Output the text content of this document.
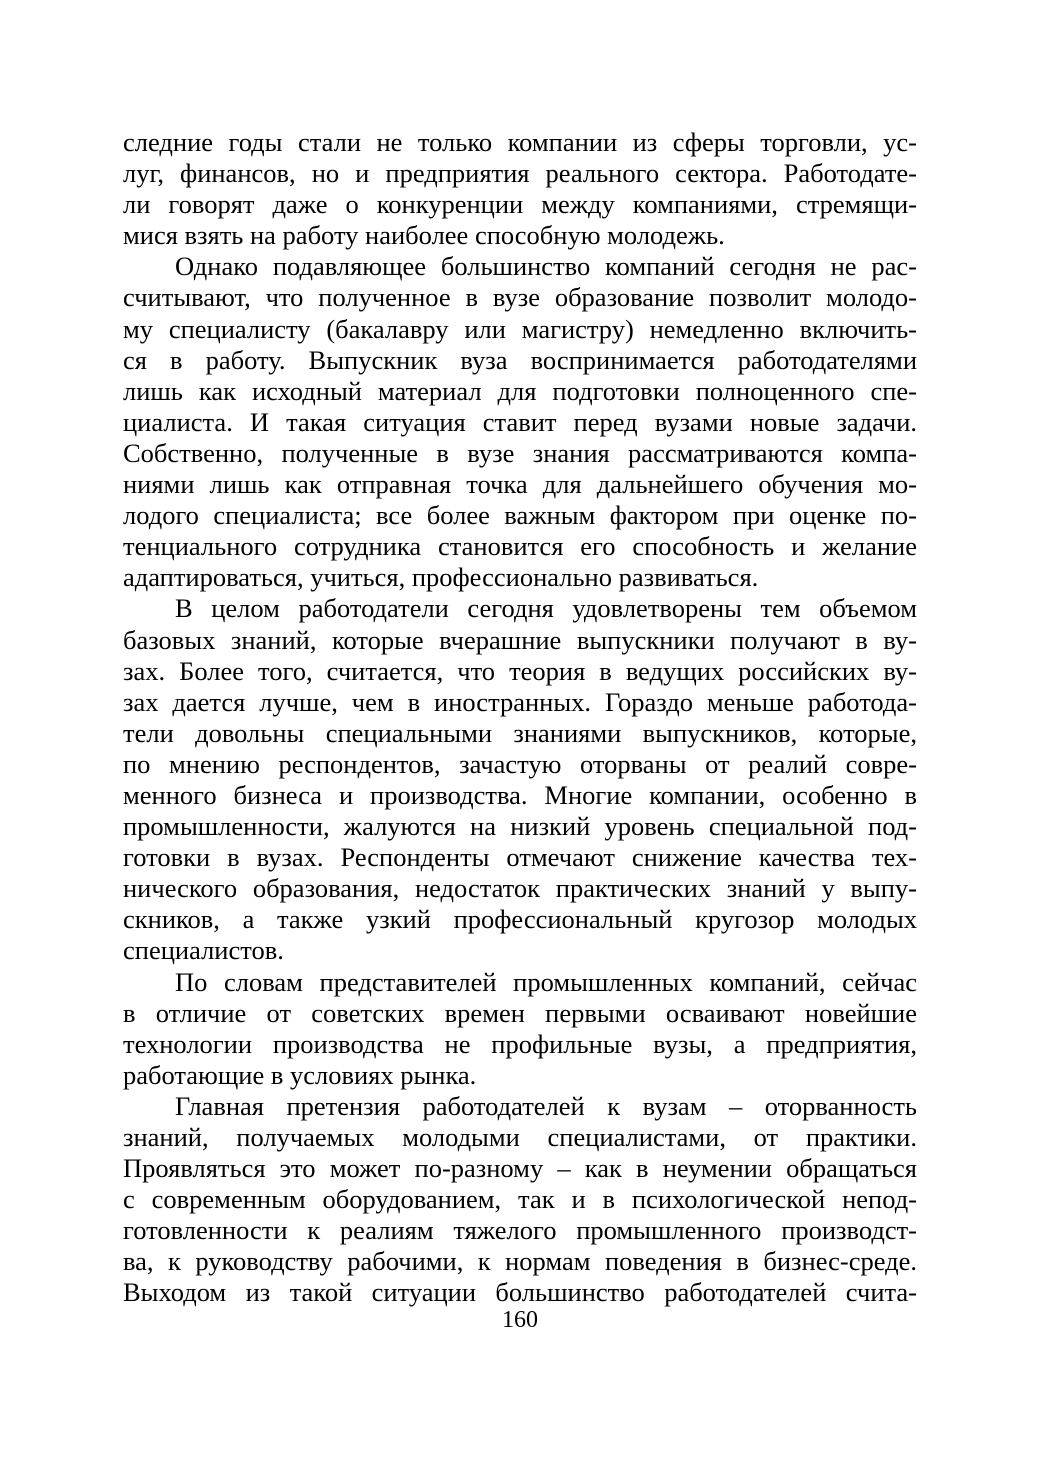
следние годы стали не только компании из сферы торговли, ус-
луг, финансов, но и предприятия реального сектора. Работодате-
ли говорят даже о конкуренции между компаниями, стремящи-
мися взять на работу наиболее способную молодежь.
Однако подавляющее большинство компаний сегодня не рас-
считывают, что полученное в вузе образование позволит молодо-
му специалисту (бакалавру или магистру) немедленно включить-
ся в работу. Выпускник вуза воспринимается работодателями
лишь как исходный материал для подготовки полноценного спе-
циалиста. И такая ситуация ставит перед вузами новые задачи.
Собственно, полученные в вузе знания рассматриваются компа-
ниями лишь как отправная точка для дальнейшего обучения мо-
лодого специалиста; все более важным фактором при оценке по-
тенциального сотрудника становится его способность и желание
адаптироваться, учиться, профессионально развиваться.
В целом работодатели сегодня удовлетворены тем объемом
базовых знаний, которые вчерашние выпускники получают в ву-
зах. Более того, считается, что теория в ведущих российских ву-
зах дается лучше, чем в иностранных. Гораздо меньше работода-
тели довольны специальными знаниями выпускников, которые,
по мнению респондентов, зачастую оторваны от реалий совре-
менного бизнеса и производства. Многие компании, особенно в
промышленности, жалуются на низкий уровень специальной под-
готовки в вузах. Респонденты отмечают снижение качества тех-
нического образования, недостаток практических знаний у выпу-
скников, а также узкий профессиональный кругозор молодых
специалистов.
По словам представителей промышленных компаний, сейчас
в отличие от советских времен первыми осваивают новейшие
технологии производства не профильные вузы, а предприятия,
работающие в условиях рынка.
Главная претензия работодателей к вузам – оторванность
знаний, получаемых молодыми специалистами, от практики.
Проявляться это может по-разному – как в неумении обращаться
с современным оборудованием, так и в психологической непод-
готовленности к реалиям тяжелого промышленного производст-
ва, к руководству рабочими, к нормам поведения в бизнес-среде.
Выходом из такой ситуации большинство работодателей счита-
160
